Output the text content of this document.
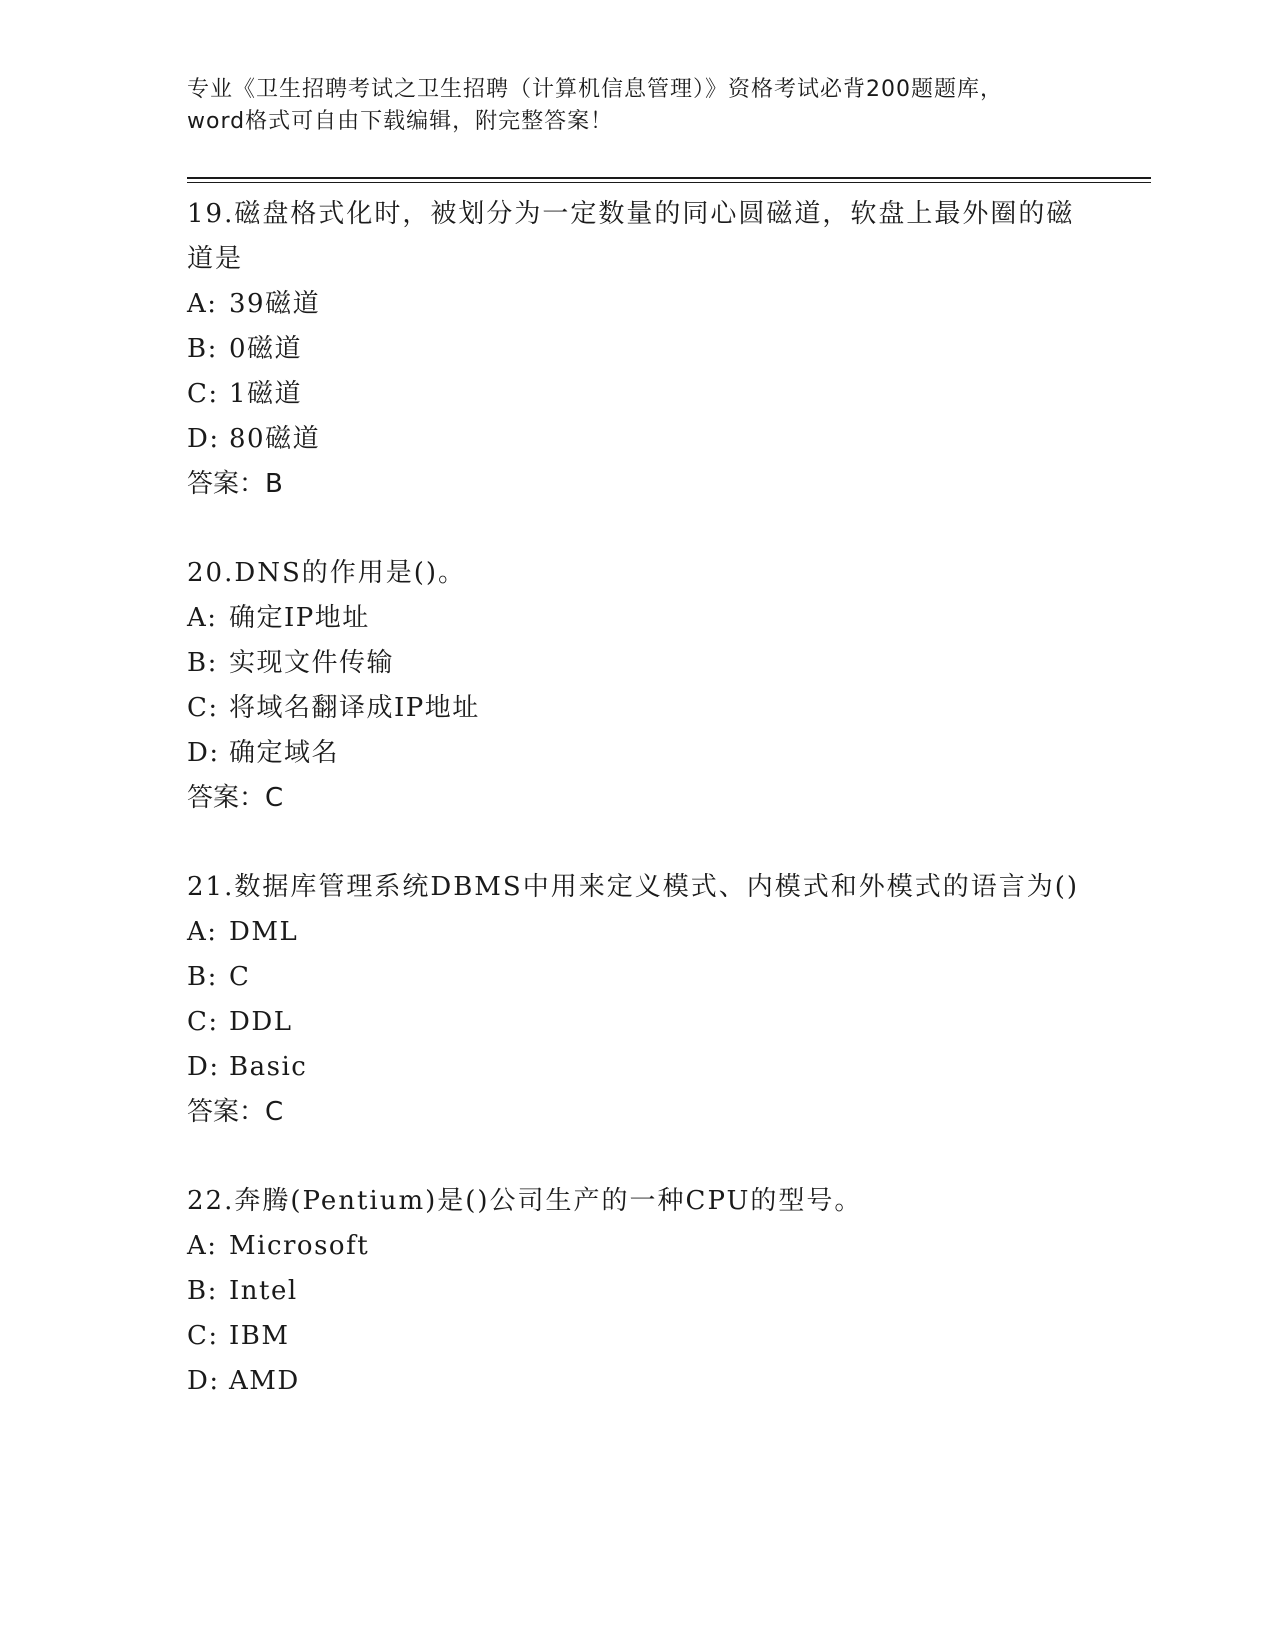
专业《卫生招聘考试之卫生招聘（计算机信息管理）》资格考试必背200题题库，
word格式可自由下载编辑，附完整答案！
19.磁盘格式化时，被划分为一定数量的同心圆磁道，软盘上最外圈的磁道是
A: 39磁道
B: 0磁道
C: 1磁道
D: 80磁道
答案：B
20.DNS的作用是()。
A: 确定IP地址
B: 实现文件传输
C: 将域名翻译成IP地址
D: 确定域名
答案：C
21.数据库管理系统DBMS中用来定义模式、内模式和外模式的语言为()
A: DML
B: C
C: DDL
D: Basic
答案：C
22.奔腾(Pentium)是()公司生产的一种CPU的型号。
A: Microsoft
B: Intel
C: IBM
D: AMD
